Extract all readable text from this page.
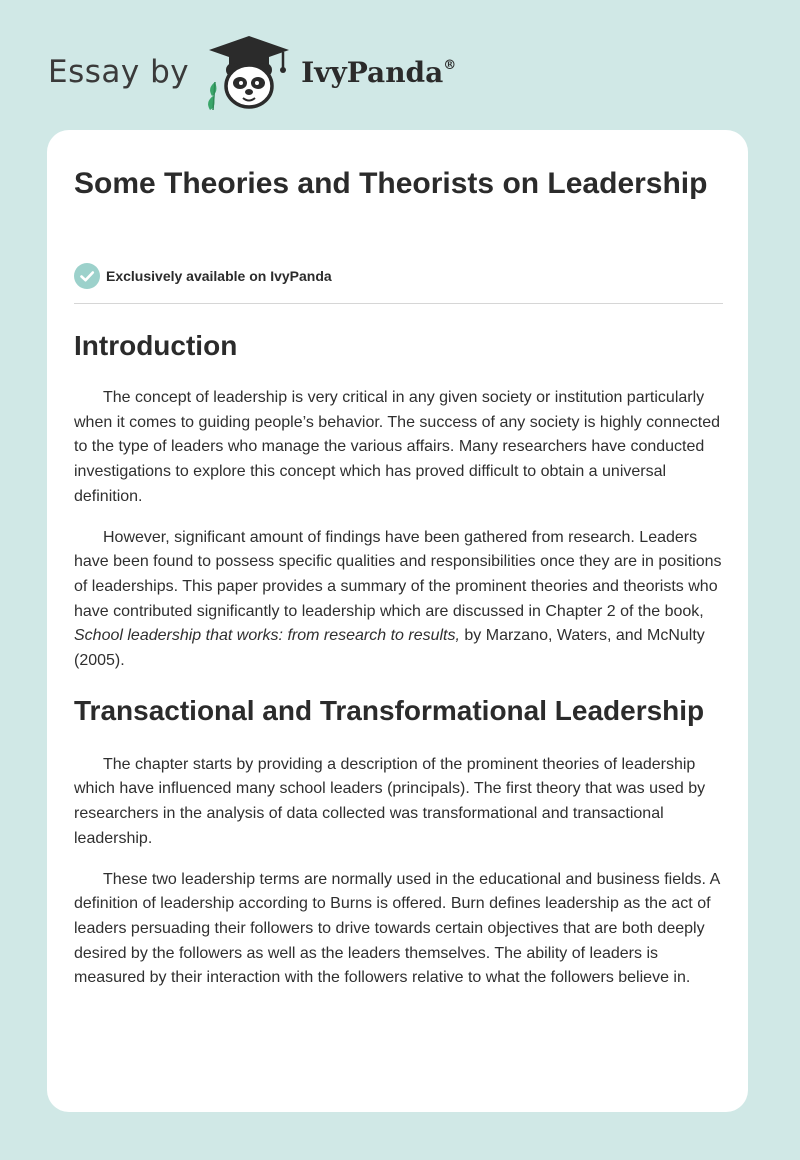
Essay by	IvyPanda®
Some Theories and Theorists on Leadership
Exclusively available on IvyPanda
Introduction

The concept of leadership is very critical in any given society or institution particularly when it comes to guiding people’s behavior. The success of any society is highly connected to the type of leaders who manage the various affairs. Many researchers have conducted investigations to explore this concept which has proved difficult to obtain a universal definition.

However, significant amount of findings have been gathered from research. Leaders have been found to possess specific qualities and responsibilities once they are in positions of leaderships. This paper provides a summary of the prominent theories and theorists who have contributed significantly to leadership which are discussed in Chapter 2 of the book, School leadership that works: from research to results, by Marzano, Waters, and McNulty (2005).

Transactional and Transformational Leadership

The chapter starts by providing a description of the prominent theories of leadership which have influenced many school leaders (principals). The first theory that was used by researchers in the analysis of data collected was transformational and transactional leadership.

These two leadership terms are normally used in the educational and business fields. A definition of leadership according to Burns is offered. Burn defines leadership as the act of leaders persuading their followers to drive towards certain objectives that are both deeply desired by the followers as well as the leaders themselves. The ability of leaders is measured by their interaction with the followers relative to what the followers believe in.
